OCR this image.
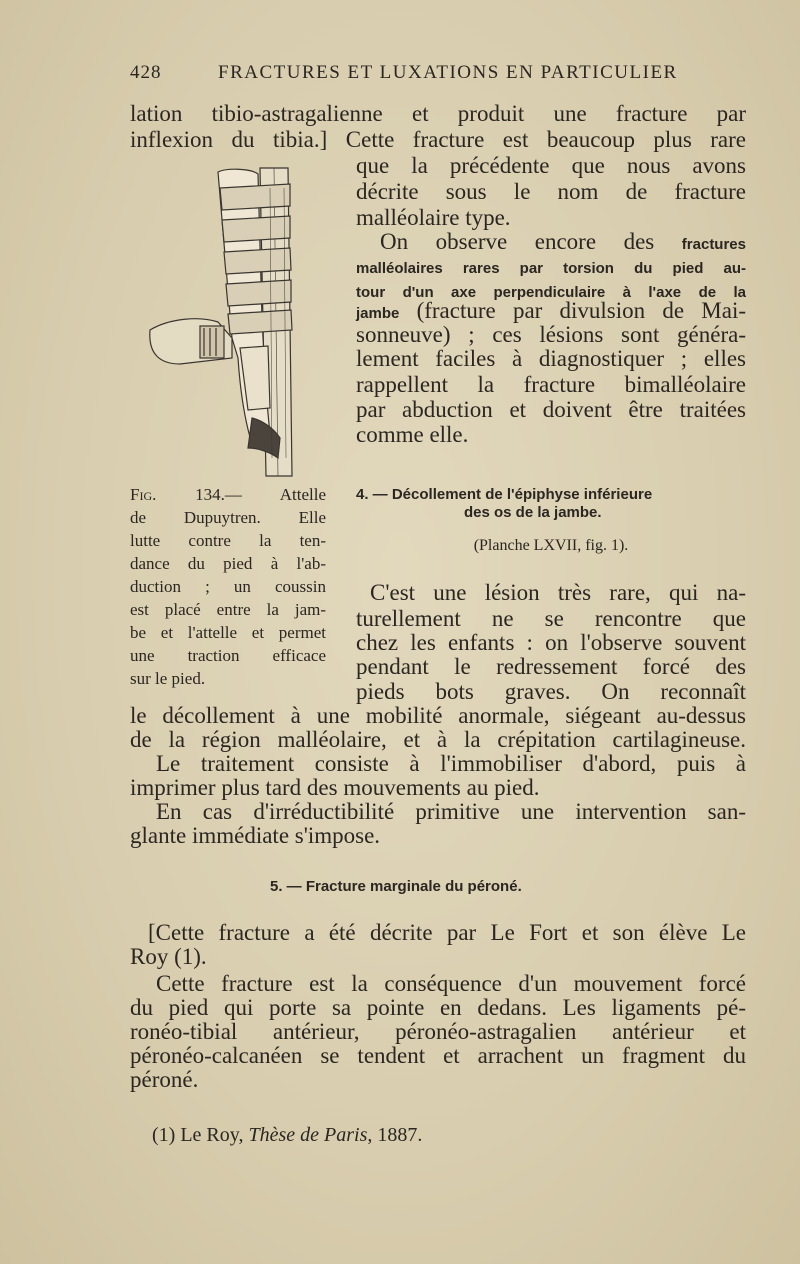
428	FRACTURES ET LUXATIONS EN PARTICULIER
lation tibio-astragalienne et produit une fracture par
inflexion du tibia.] Cette fracture est beaucoup plus rare
que la précédente que nous avons
décrite sous le nom de fracture
malléolaire type.
On observe encore des fractures
malléolaires rares par torsion du pied au-
tour d'un axe perpendiculaire à l'axe de la
jambe (fracture par divulsion de Mai-
sonneuve) ; ces lésions sont généra-
lement faciles à diagnostiquer ; elles
rappellent la fracture bimalléolaire
par abduction et doivent être traitées
comme elle.
Fig. 134.— Attelle
de Dupuytren. Elle
lutte contre la ten-
dance du pied à l'ab-
duction ; un coussin
est placé entre la jam-
be et l'attelle et permet
une traction efficace
sur le pied.
4. — Décollement de l'épiphyse inférieure
des os de la jambe.
(Planche LXVII, fig. 1).
C'est une lésion très rare, qui na-
turellement ne se rencontre que
chez les enfants : on l'observe souvent
pendant le redressement forcé des
pieds bots graves. On reconnaît
le décollement à une mobilité anormale, siégeant au-dessus
de la région malléolaire, et à la crépitation cartilagineuse.
Le traitement consiste à l'immobiliser d'abord, puis à
imprimer plus tard des mouvements au pied.
En cas d'irréductibilité primitive une intervention san-
glante immédiate s'impose.
5. — Fracture marginale du péroné.
[Cette fracture a été décrite par Le Fort et son élève Le
Roy (1).
Cette fracture est la conséquence d'un mouvement forcé
du pied qui porte sa pointe en dedans. Les ligaments pé-
ronéo-tibial antérieur, péronéo-astragalien antérieur et
péronéo-calcanéen se tendent et arrachent un fragment du
péroné.
(1) Le Roy, Thèse de Paris, 1887.
